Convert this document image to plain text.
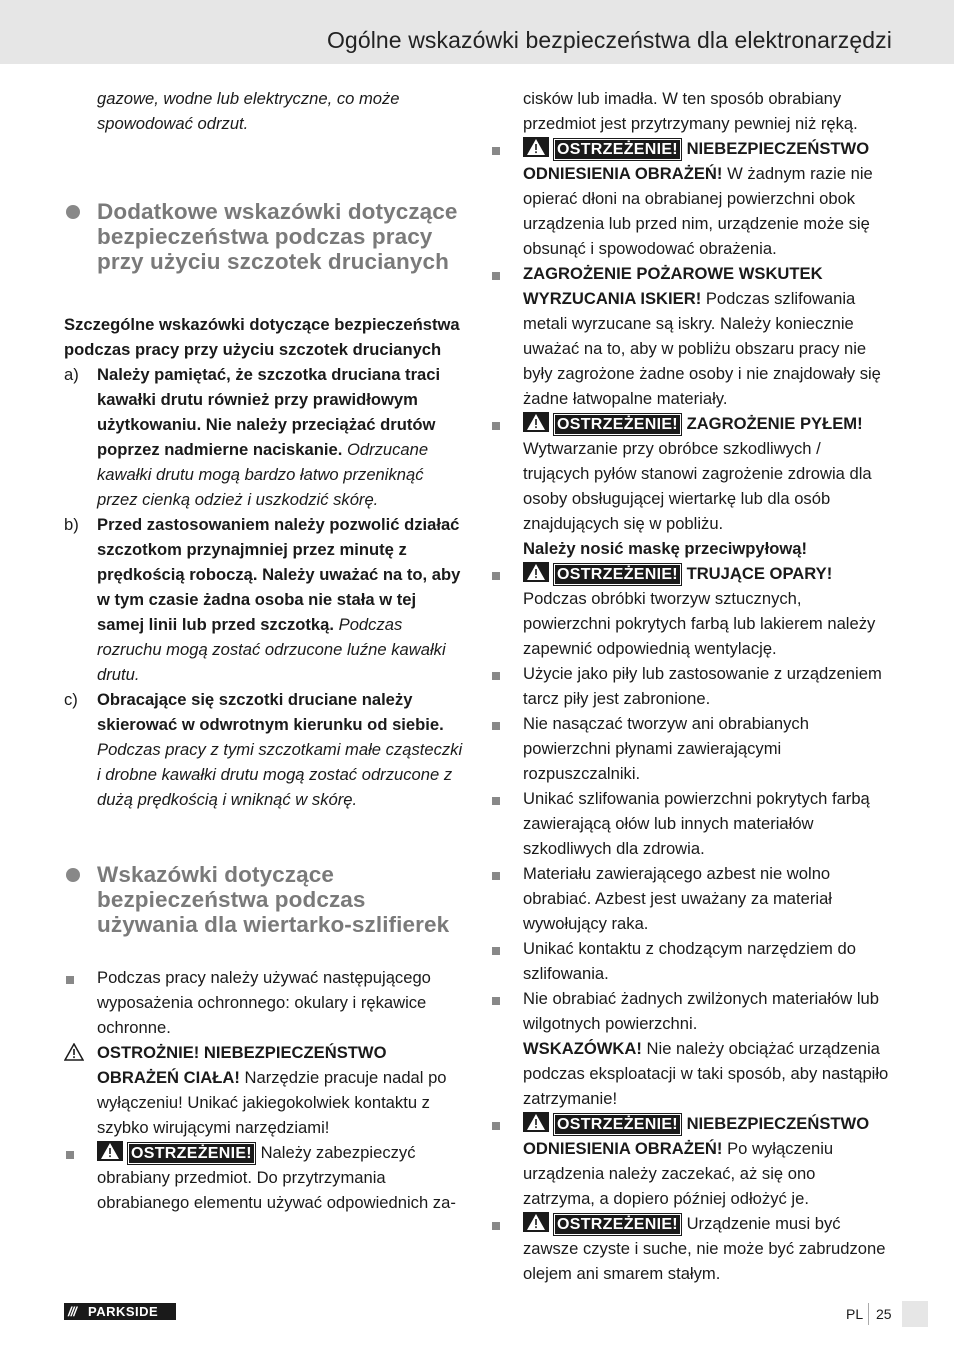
Ogólne wskazówki bezpieczeństwa dla elektronarzędzi

gazowe, wodne lub elektryczne, co może spowodować odrzut.

Dodatkowe wskazówki dotyczące bezpieczeństwa podczas pracy przy użyciu szczotek drucianych

Szczególne wskazówki dotyczące bezpieczeństwa podczas pracy przy użyciu szczotek drucianych

a) Należy pamiętać, że szczotka druciana traci kawałki drutu również przy prawidłowym użytkowaniu. Nie należy przeciążać drutów poprzez nadmierne naciskanie. Odrzucane kawałki drutu mogą bardzo łatwo przeniknąć przez cienką odzież i uszkodzić skórę.
b) Przed zastosowaniem należy pozwolić działać szczotkom przynajmniej przez minutę z prędkością roboczą. Należy uważać na to, aby w tym czasie żadna osoba nie stała w tej samej linii lub przed szczotką. Podczas rozruchu mogą zostać odrzucone luźne kawałki drutu.
c) Obracające się szczotki druciane należy skierować w odwrotnym kierunku od siebie. Podczas pracy z tymi szczotkami małe cząsteczki i drobne kawałki drutu mogą zostać odrzucone z dużą prędkością i wniknąć w skórę.
Wskazówki dotyczące bezpieczeństwa podczas używania dla wiertarko-szlifierek
Podczas pracy należy używać następującego wyposażenia ochronnego: okulary i rękawice ochronne.
OSTROŻNIE! NIEBEZPIECZEŃSTWO OBRAŻEŃ CIAŁA! Narzędzie pracuje nadal po wyłączeniu! Unikać jakiegokolwiek kontaktu z szybko wirującymi narzędziami!
OSTRZEŻENIE! Należy zabezpieczyć obrabiany przedmiot. Do przytrzymania obrabianego elementu używać odpowiednich za-

cisków lub imadła. W ten sposób obrabiany przedmiot jest przytrzymany pewniej niż ręką.

OSTRZEŻENIE! NIEBEZPIECZEŃSTWO ODNIESIENIA OBRAŻEŃ! W żadnym razie nie opierać dłoni na obrabianej powierzchni obok urządzenia lub przed nim, urządzenie może się obsunąć i spowodować obrażenia.
ZAGROŻENIE POŻAROWE WSKUTEK WYRZUCANIA ISKIER! Podczas szlifowania metali wyrzucane są iskry. Należy koniecznie uważać na to, aby w pobliżu obszaru pracy nie były zagrożone żadne osoby i nie znajdowały się żadne łatwopalne materiały.
OSTRZEŻENIE! ZAGROŻENIE PYŁEM! Wytwarzanie przy obróbce szkodliwych / trujących pyłów stanowi zagrożenie zdrowia dla osoby obsługującej wiertarkę lub dla osób znajdujących się w pobliżu.

Należy nosić maskę przeciwpyłową!

OSTRZEŻENIE! TRUJĄCE OPARY! Podczas obróbki tworzyw sztucznych, powierzchni pokrytych farbą lub lakierem należy zapewnić odpowiednią wentylację.
Użycie jako piły lub zastosowanie z urządzeniem tarcz piły jest zabronione.
Nie nasączać tworzyw ani obrabianych powierzchni płynami zawierającymi rozpuszczalniki.
Unikać szlifowania powierzchni pokrytych farbą zawierającą ołów lub innych materiałów szkodliwych dla zdrowia.
Materiału zawierającego azbest nie wolno obrabiać. Azbest jest uważany za materiał wywołujący raka.
Unikać kontaktu z chodzącym narzędziem do szlifowania.
Nie obrabiać żadnych zwilżonych materiałów lub wilgotnych powierzchni.

WSKAZÓWKA! Nie należy obciążać urządzenia podczas eksploatacji w taki sposób, aby nastąpiło zatrzymanie!

OSTRZEŻENIE! NIEBEZPIECZEŃSTWO ODNIESIENIA OBRAŻEŃ! Po wyłączeniu urządzenia należy zaczekać, aż się ono zatrzyma, a dopiero później odłożyć je.
OSTRZEŻENIE! Urządzenie musi być zawsze czyste i suche, nie może być zabrudzone olejem ani smarem stałym.
/// PARKSIDE	PL 25
